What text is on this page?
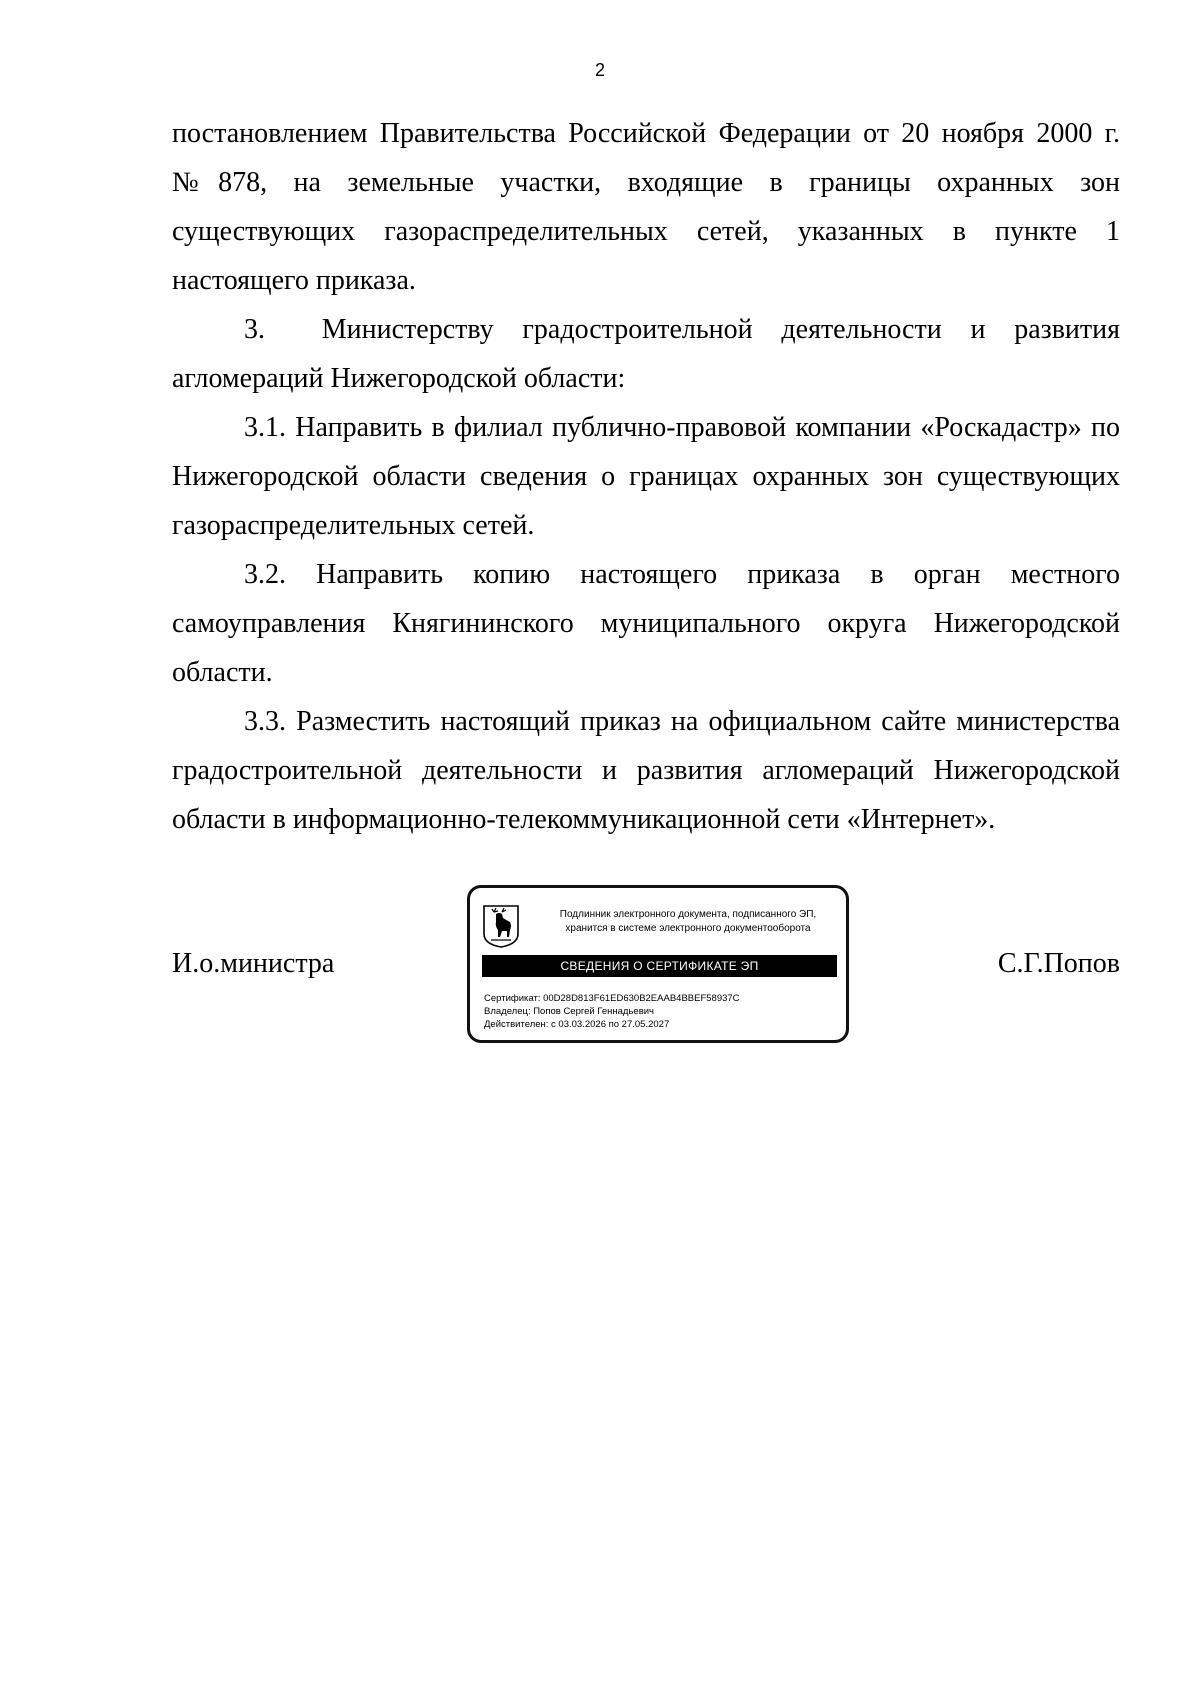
2

постановлением Правительства Российской Федерации от 20 ноября 2000 г. №878, на земельные участки, входящие в границы охранных зон существующих газораспределительных сетей, указанных в пункте 1 настоящего приказа.

3.  Министерству градостроительной деятельности и развития агломераций Нижегородской области:

3.1. Направить в филиал публично-правовой компании «Роскадастр» по Нижегородской области сведения о границах охранных зон существующих газораспределительных сетей.

3.2. Направить копию настоящего приказа в орган местного самоуправления Княгининского муниципального округа Нижегородской области.

3.3. Разместить настоящий приказ на официальном сайте министерства градостроительной деятельности и развития агломераций Нижегородской области в информационно-телекоммуникационной сети «Интернет».

И.о.министра
Подлинник электронного документа, подписанного ЭП,
хранится в системе электронного документооборота
СВЕДЕНИЯ О СЕРТИФИКАТЕ ЭП
Сертификат: 00D28D813F61ED630B2EAAB4BBEF58937C
Владелец: Попов Сергей Геннадьевич
Действителен: с 03.03.2026 по 27.05.2027
С.Г.Попов
